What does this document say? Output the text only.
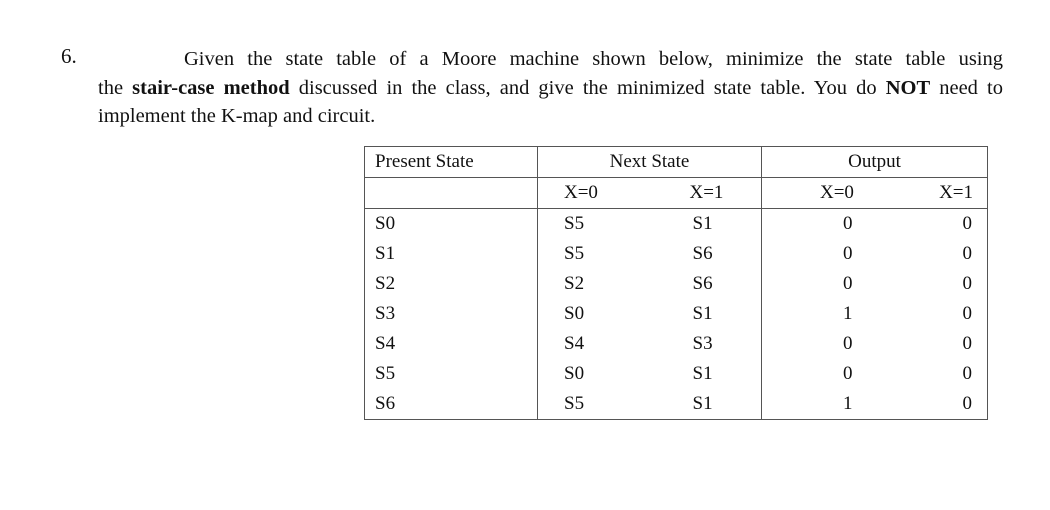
6.	Given the state table of a Moore machine shown below, minimize the state table using
the stair-case method discussed in the class, and give the minimized state table. You do NOT need to implement the K-map and circuit.
Present State	Next State		Output	
	X=0	X=1	X=0	X=1
S0	S5	S1	0	0
S1	S5	S6	0	0
S2	S2	S6	0	0
S3	S0	S1	1	0
S4	S4	S3	0	0
S5	S0	S1	0	0
S6	S5	S1	1	0
